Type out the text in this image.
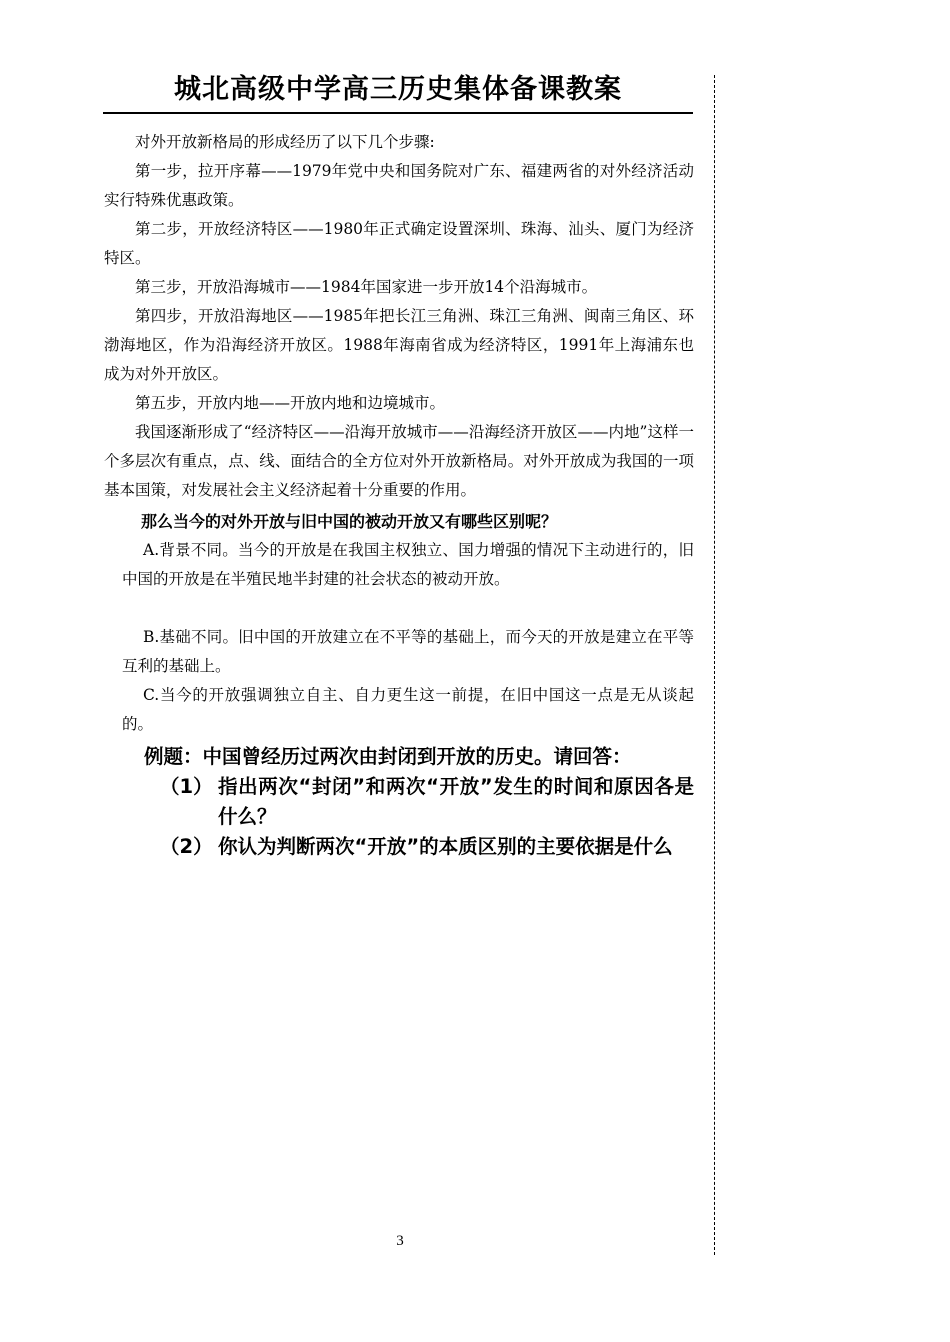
城北高级中学高三历史集体备课教案

对外开放新格局的形成经历了以下几个步骤:

第一步，拉开序幕——1979年党中央和国务院对广东、福建两省的对外经济活动实行特殊优惠政策。

第二步，开放经济特区——1980年正式确定设置深圳、珠海、汕头、厦门为经济特区。

第三步，开放沿海城市——1984年国家进一步开放14个沿海城市。

第四步，开放沿海地区——1985年把长江三角洲、珠江三角洲、闽南三角区、环渤海地区，作为沿海经济开放区。1988年海南省成为经济特区，1991年上海浦东也成为对外开放区。

第五步，开放内地——开放内地和边境城市。

我国逐渐形成了“经济特区——沿海开放城市——沿海经济开放区——内地”这样一个多层次有重点，点、线、面结合的全方位对外开放新格局。对外开放成为我国的一项基本国策，对发展社会主义经济起着十分重要的作用。

那么当今的对外开放与旧中国的被动开放又有哪些区别呢？

A.背景不同。当今的开放是在我国主权独立、国力增强的情况下主动进行的，旧中国的开放是在半殖民地半封建的社会状态的被动开放。

B.基础不同。旧中国的开放建立在不平等的基础上，而今天的开放是建立在平等互利的基础上。

C.当今的开放强调独立自主、自力更生这一前提，在旧中国这一点是无从谈起的。

例题：中国曾经历过两次由封闭到开放的历史。请回答：
（1） 指出两次“封闭”和两次“开放”发生的时间和原因各是什么？
（2） 你认为判断两次“开放”的本质区别的主要依据是什么
3
